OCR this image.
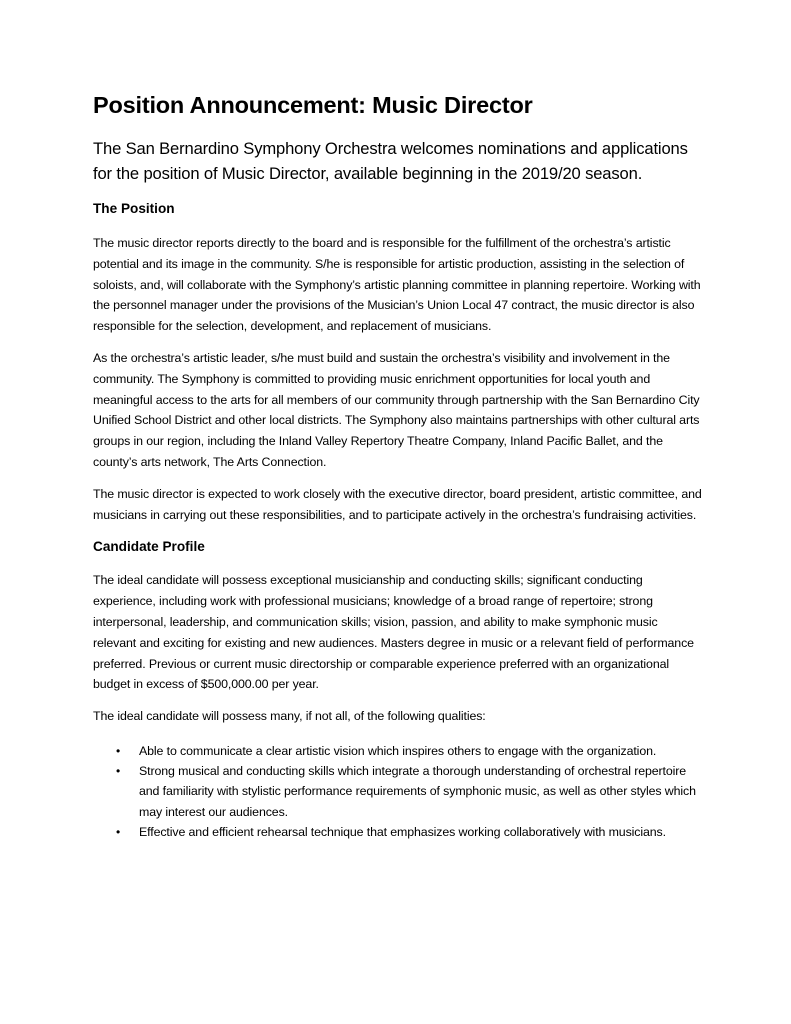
Position Announcement: Music Director

The San Bernardino Symphony Orchestra welcomes nominations and applications for the position of Music Director, available beginning in the 2019/20 season.

The Position

The music director reports directly to the board and is responsible for the fulfillment of the orchestra’s artistic potential and its image in the community. S/he is responsible for artistic production, assisting in the selection of soloists, and, will collaborate with the Symphony’s artistic planning committee in planning repertoire. Working with the personnel manager under the provisions of the Musician’s Union Local 47 contract, the music director is also responsible for the selection, development, and replacement of musicians.

As the orchestra’s artistic leader, s/he must build and sustain the orchestra’s visibility and involvement in the community. The Symphony is committed to providing music enrichment opportunities for local youth and meaningful access to the arts for all members of our community through partnership with the San Bernardino City Unified School District and other local districts. The Symphony also maintains partnerships with other cultural arts groups in our region, including the Inland Valley Repertory Theatre Company, Inland Pacific Ballet, and the county’s arts network, The Arts Connection.

The music director is expected to work closely with the executive director, board president, artistic committee, and musicians in carrying out these responsibilities, and to participate actively in the orchestra’s fundraising activities.

Candidate Profile

The ideal candidate will possess exceptional musicianship and conducting skills; significant conducting experience, including work with professional musicians; knowledge of a broad range of repertoire; strong interpersonal, leadership, and communication skills; vision, passion, and ability to make symphonic music relevant and exciting for existing and new audiences. Masters degree in music or a relevant field of performance preferred. Previous or current music directorship or comparable experience preferred with an organizational budget in excess of $500,000.00 per year.

The ideal candidate will possess many, if not all, of the following qualities:

•	Able to communicate a clear artistic vision which inspires others to engage with the organization.
•	Strong musical and conducting skills which integrate a thorough understanding of orchestral repertoire and familiarity with stylistic performance requirements of symphonic music, as well as other styles which may interest our audiences.
•	Effective and efficient rehearsal technique that emphasizes working collaboratively with musicians.
